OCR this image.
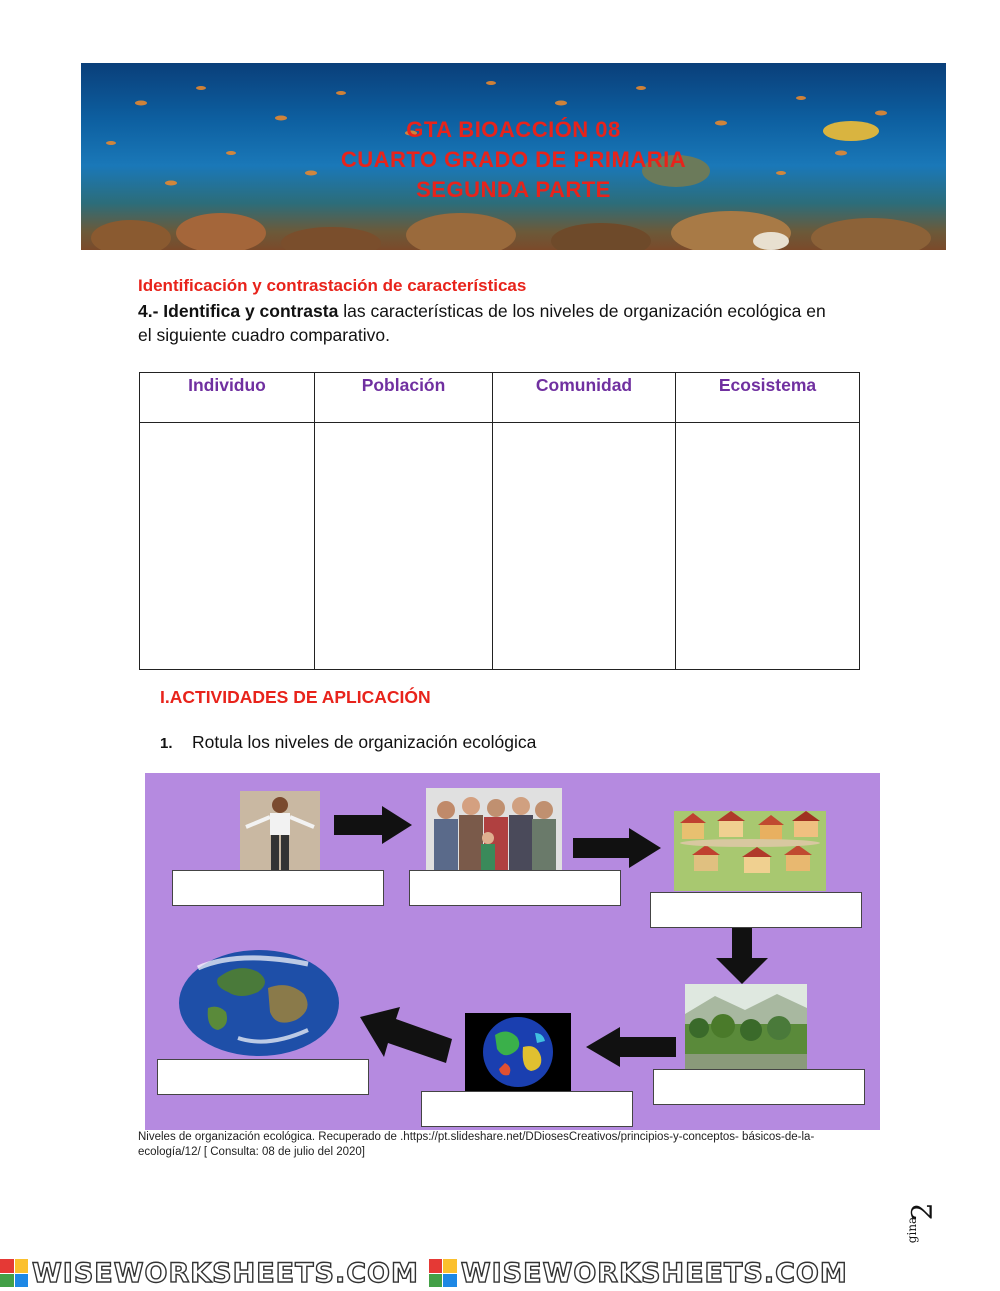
GTA BIOACCIÓN 08
CUARTO GRADO DE PRIMARIA
SEGUNDA PARTE
Identificación y contrastación de características
4.- Identifica y contrasta las características de los niveles de organización ecológica en el siguiente cuadro comparativo.
Individuo	Población	Comunidad	Ecosistema

I.ACTIVIDADES DE APLICACIÓN
1. Rotula los niveles de organización ecológica
Niveles de organización ecológica. Recuperado de .https://pt.slideshare.net/DDiosesCreativos/principios-y-conceptos- básicos-de-la-ecología/12/ [ Consulta: 08 de julio del 2020]
2
gina
WISEWORKSHEETS.COM WISEWORKSHEETS.COM
